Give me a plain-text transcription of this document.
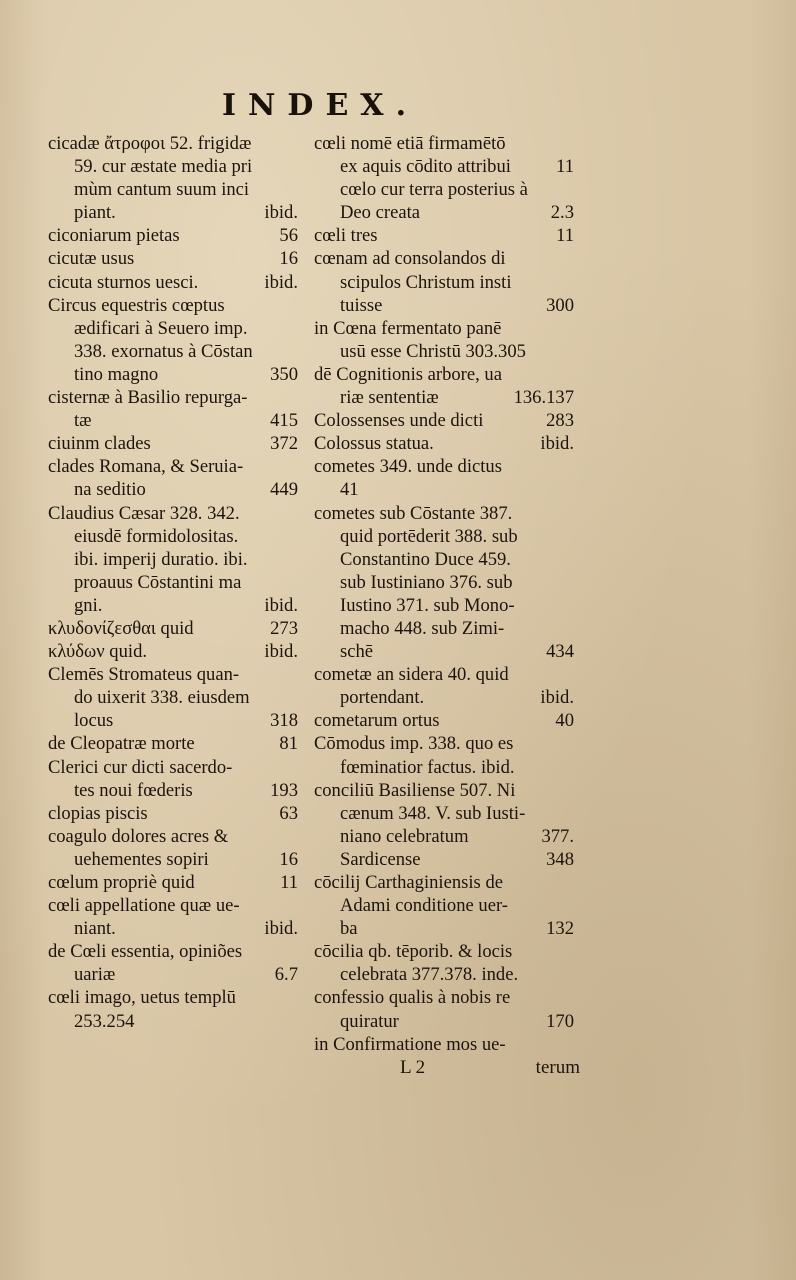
INDEX.
cicadæ ἄτροφοι 52. frigidæ
59. cur æstate media pri
mùm cantum suum inci
piant.	ibid.
ciconiarum pietas	56
cicutæ usus	16
cicuta sturnos uesci.	ibid.
Circus equestris cœptus
ædificari à Seuero imp.
338. exornatus à Cōstan
tino magno	350
cisternæ à Basilio repurga-
tæ	415
ciuinm clades	372
clades Romana, & Seruia-
na seditio	449
Claudius Cæsar 328. 342.
eiusdē formidolositas.
ibi. imperij duratio. ibi.
proauus Cōstantini ma
gni.	ibid.
κλυδονίζεσθαι quid	273
κλύδων quid.	ibid.
Clemēs Stromateus quan-
do uixerit 338. eiusdem
locus	318
de Cleopatræ morte	81
Clerici cur dicti sacerdo-
tes noui fœderis	193
clopias piscis	63
coagulo dolores acres &
uehementes sopiri	16
cœlum propriè quid	11
cœli appellatione quæ ue-
niant.	ibid.
de Cœli essentia, opiniões
uariæ	6.7
cœli imago, uetus templū
253.254
cœli nomē etiā firmamētō
ex aquis cōdito attribui	11
cœlo cur terra posterius à
Deo creata	2.3
cœli tres	11
cœnam ad consolandos di
scipulos Christum insti
tuisse	300
in Cœna fermentato panē
usū esse Christū 303.305
dē Cognitionis arbore, ua
riæ sententiæ	136.137
Colossenses unde dicti	283
Colossus statua.	ibid.
cometes 349. unde dictus
41
cometes sub Cōstante 387.
quid portēderit 388. sub
Constantino Duce 459.
sub Iustiniano 376. sub
Iustino 371. sub Mono-
macho 448. sub Zimi-
schē	434
cometæ an sidera 40. quid
portendant.	ibid.
cometarum ortus	40
Cōmodus imp. 338. quo es
fœminatior factus. ibid.
conciliū Basiliense 507. Ni
cænum 348. V. sub Iusti-
niano celebratum	377.
Sardicense	348
cōcilij Carthaginiensis de
Adami conditione uer-
ba	132
cōcilia qb. tēporib. & locis
celebrata 377.378. inde.
confessio qualis à nobis re
quiratur	170
in Confirmatione mos ue-
L 2	terum
